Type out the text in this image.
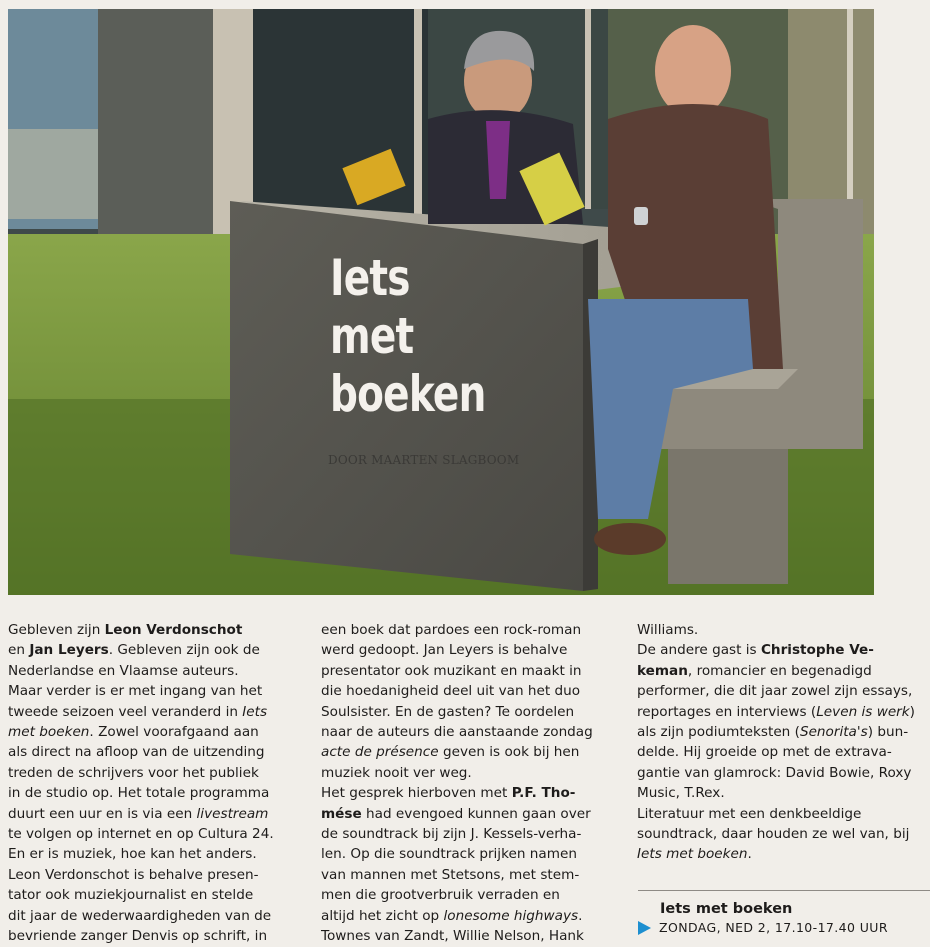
Iets
met
boeken
DOOR MAARTEN SLAGBOOM

Gebleven zijn Leon Verdonschot

en Jan Leyers. Gebleven zijn ook de

Nederlandse en Vlaamse auteurs.

Maar verder is er met ingang van het

tweede seizoen veel veranderd in Iets

met boeken. Zowel voorafgaand aan

als direct na afloop van de uitzending

treden de schrijvers voor het publiek

in de studio op. Het totale programma

duurt een uur en is via een livestream

te volgen op internet en op Cultura 24.

En er is muziek, hoe kan het anders.

Leon Verdonschot is behalve presen-

tator ook muziekjournalist en stelde

dit jaar de wederwaardigheden van de

bevriende zanger Denvis op schrift, in

een boek dat pardoes een rock-roman

werd gedoopt. Jan Leyers is behalve

presentator ook muzikant en maakt in

die hoedanigheid deel uit van het duo

Soulsister. En de gasten? Te oordelen

naar de auteurs die aanstaande zondag

acte de présence geven is ook bij hen

muziek nooit ver weg.

Het gesprek hierboven met P.F. Tho-

mése had evengoed kunnen gaan over

de soundtrack bij zijn J. Kessels-verha-

len. Op die soundtrack prijken namen

van mannen met Stetsons, met stem-

men die grootverbruik verraden en

altijd het zicht op lonesome highways.

Townes van Zandt, Willie Nelson, Hank

Williams.

De andere gast is Christophe Ve-

keman, romancier en begenadigd

performer, die dit jaar zowel zijn essays,

reportages en interviews (Leven is werk)

als zijn podiumteksten (Senorita's) bun-

delde. Hij groeide op met de extrava-

gantie van glamrock: David Bowie, Roxy

Music, T.Rex.

Literatuur met een denkbeeldige

soundtrack, daar houden ze wel van, bij

Iets met boeken.

Iets met boeken
ZONDAG, NED 2, 17.10-17.40 UUR
